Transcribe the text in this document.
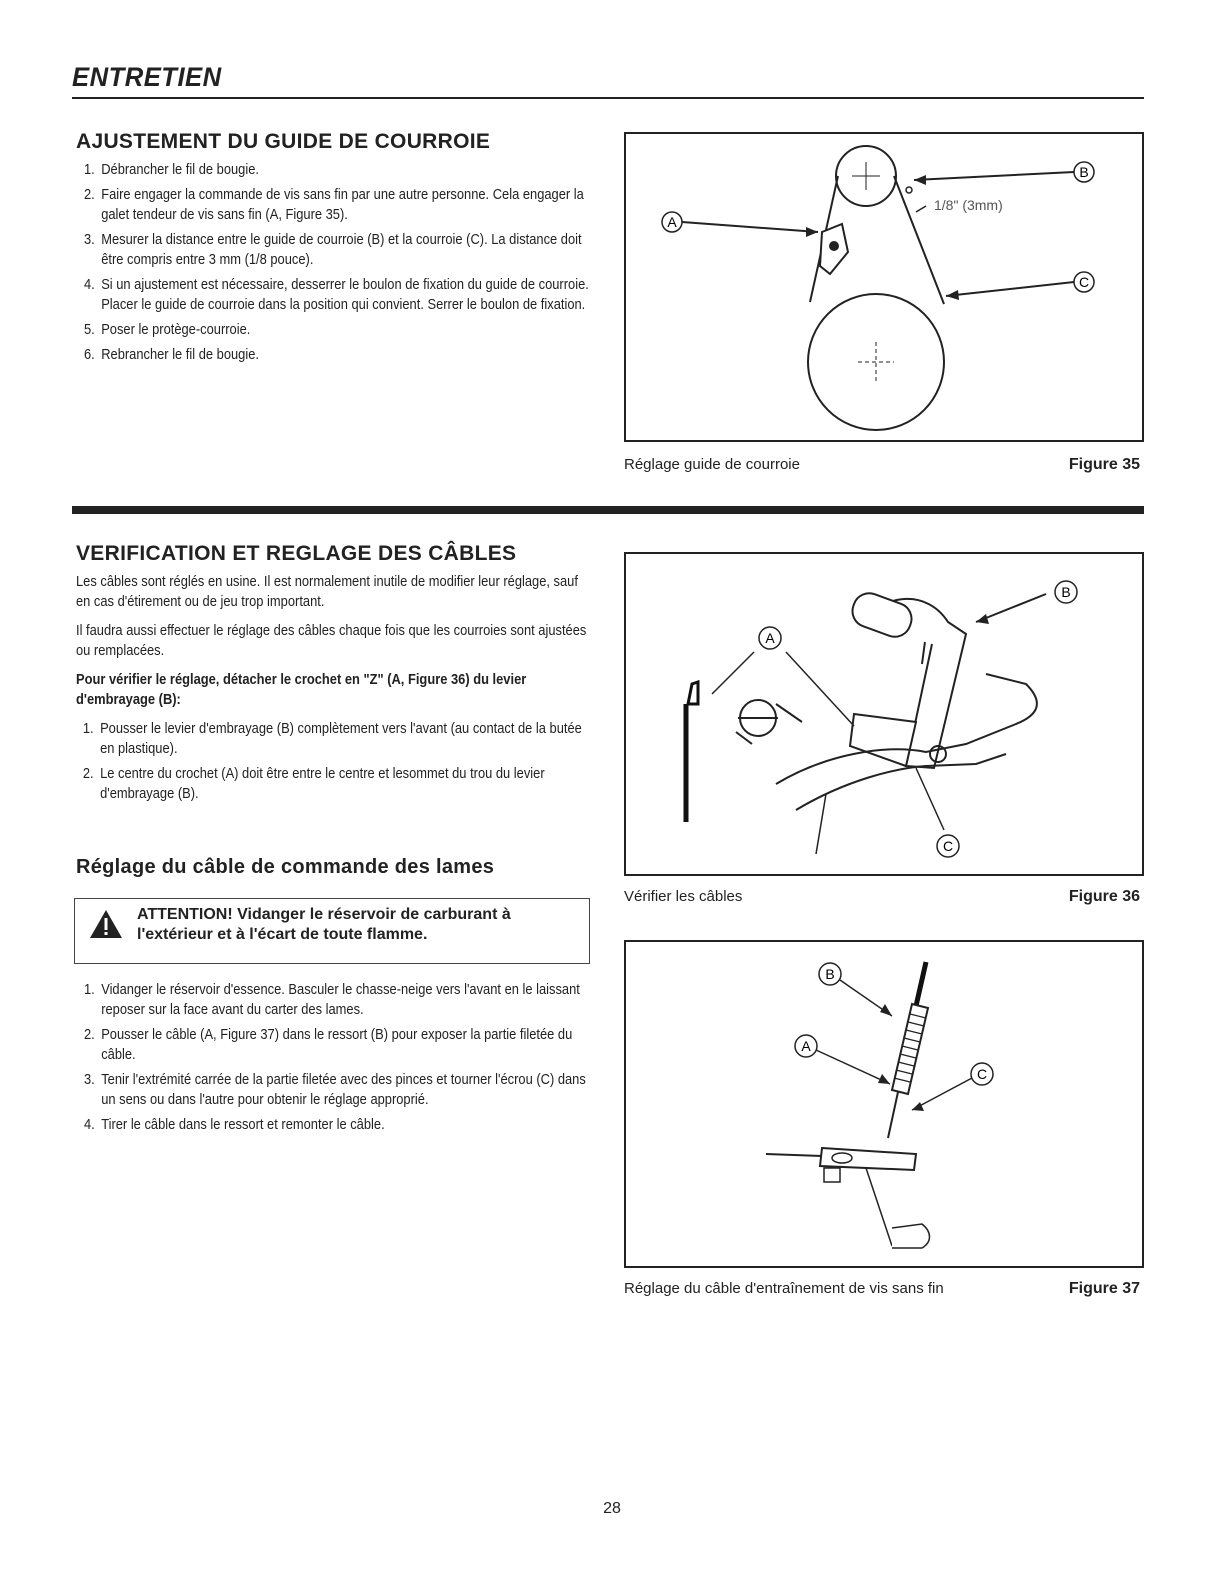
ENTRETIEN
AJUSTEMENT DU GUIDE DE COURROIE
1. Débrancher le fil de bougie.
2. Faire engager la commande de vis sans fin par une autre personne. Cela engager la galet tendeur de vis sans fin (A, Figure 35).
3. Mesurer la distance entre le guide de courroie (B) et la courroie (C). La distance doit être compris entre 3 mm (1/8 pouce).
4. Si un ajustement est nécessaire, desserrer le boulon de fixation du guide de courroie. Placer le guide de courroie dans la position qui convient. Serrer le boulon de fixation.
5. Poser le protège-courroie.
6. Rebrancher le fil de bougie.
A
B
C
1/8" (3mm)
Réglage guide de courroie	Figure 35
VERIFICATION ET REGLAGE DES CÂBLES

Les câbles sont réglés en usine. Il est normalement inutile de modifier leur réglage, sauf en cas d'étirement ou de jeu trop important.

Il faudra aussi effectuer le réglage des câbles chaque fois que les courroies sont ajustées ou remplacées.

Pour vérifier le réglage, détacher le crochet en "Z" (A, Figure 36) du levier d'embrayage (B):

1. Pousser le levier d'embrayage (B) complètement vers l'avant (au contact de la butée en plastique).
2. Le centre du crochet (A) doit être entre le centre et lesommet du trou du levier d'embrayage (B).
Réglage du câble de commande des lames
ATTENTION! Vidanger le réservoir de carburant à l'extérieur et à l'écart de toute flamme.
1. Vidanger le réservoir d'essence. Basculer le chasse-neige vers l'avant en le laissant reposer sur la face avant du carter des lames.
2. Pousser le câble (A, Figure 37) dans le ressort (B) pour exposer la partie filetée du câble.
3. Tenir l'extrémité carrée de la partie filetée avec des pinces et tourner l'écrou (C) dans un sens ou dans l'autre pour obtenir le réglage approprié.
4. Tirer le câble dans le ressort et remonter le câble.
A
B
C
Vérifier les câbles	Figure 36
B
A
C
Réglage du câble d'entraînement de vis sans fin	Figure 37
28
